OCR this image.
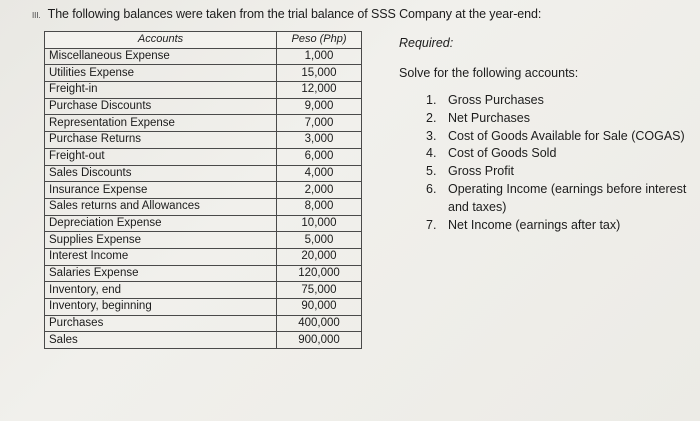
III. The following balances were taken from the trial balance of SSS Company at the year-end:
Accounts	Peso (Php)
Miscellaneous Expense	1,000
Utilities Expense	15,000
Freight-in	12,000
Purchase Discounts	9,000
Representation Expense	7,000
Purchase Returns	3,000
Freight-out	6,000
Sales Discounts	4,000
Insurance Expense	2,000
Sales returns and Allowances	8,000
Depreciation Expense	10,000
Supplies Expense	5,000
Interest Income	20,000
Salaries Expense	120,000
Inventory, end	75,000
Inventory, beginning	90,000
Purchases	400,000
Sales	900,000
Required:
Solve for the following accounts:
1. Gross Purchases
2. Net Purchases
3. Cost of Goods Available for Sale (COGAS)
4. Cost of Goods Sold
5. Gross Profit
6. Operating Income (earnings before interest and taxes)
7. Net Income (earnings after tax)
